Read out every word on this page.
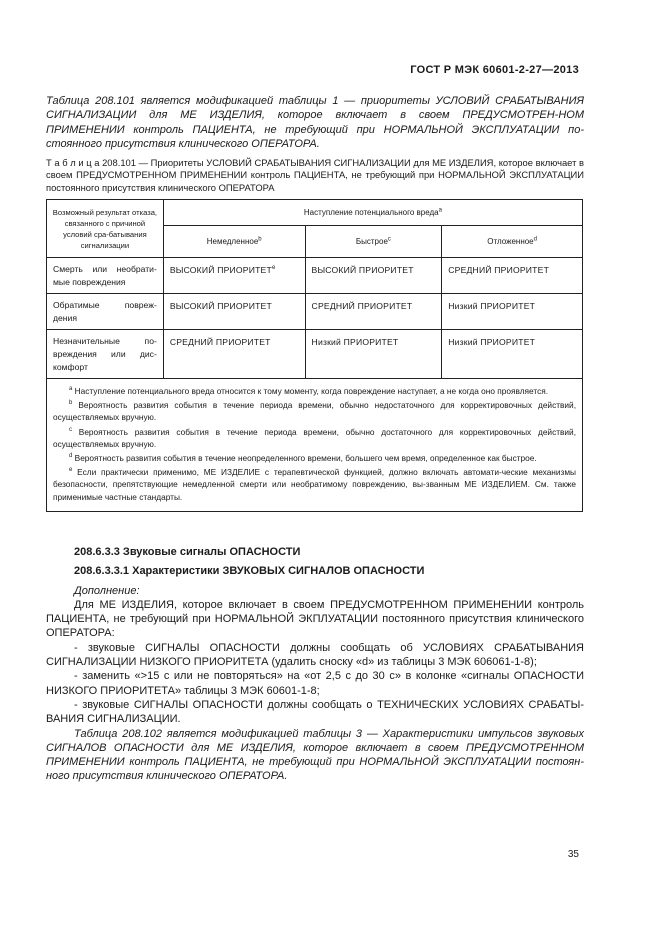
ГОСТ Р МЭК 60601-2-27—2013
Таблица 208.101 является модификацией таблицы 1 — приоритеты УСЛОВИЙ СРАБАТЫВАНИЯ СИГНАЛИЗАЦИИ для МЕ ИЗДЕЛИЯ, которое включает в своем ПРЕДУСМОТРЕН-НОМ ПРИМЕНЕНИИ контроль ПАЦИЕНТА, не требующий при НОРМАЛЬНОЙ ЭКСПЛУАТАЦИИ по-стоянного присутствия клинического ОПЕРАТОРА.
Т а б л и ц а 208.101 — Приоритеты УСЛОВИЙ СРАБАТЫВАНИЯ СИГНАЛИЗАЦИИ для МЕ ИЗДЕЛИЯ, которое включает в своем ПРЕДУСМОТРЕННОМ ПРИМЕНЕНИИ контроль ПАЦИЕНТА, не требующий при НОРМАЛЬНОЙ ЭКСПЛУАТАЦИИ постоянного присутствия клинического ОПЕРАТОРА
Возможный результат отказа, связанного с причиной условий сра-батывания сигнализации	Наступление потенциального вреда$^a$
	Немедленное$^b$	Быстрое$^c$	Отложенное$^d$
Смерть или необрати-мые повреждения	ВЫСОКИЙ ПРИОРИТЕТ$^e$	ВЫСОКИЙ ПРИОРИТЕТ	СРЕДНИЙ ПРИОРИТЕТ
Обратимые повреж-дения	ВЫСОКИЙ ПРИОРИТЕТ	СРЕДНИЙ ПРИОРИТЕТ	Низкий ПРИОРИТЕТ
Незначительные по-вреждения или дис-комфорт	СРЕДНИЙ ПРИОРИТЕТ	Низкий ПРИОРИТЕТ	Низкий ПРИОРИТЕТ

$^a$ Наступление потенциального вреда относится к тому моменту, когда повреждение наступает, а не когда оно проявляется.

$^b$ Вероятность развития события в течение периода времени, обычно недостаточного для корректировочных действий, осуществляемых вручную.

$^c$ Вероятность развития события в течение периода времени, обычно достаточного для корректировочных действий, осуществляемых вручную.

$^d$ Вероятность развития события в течение неопределенного времени, большего чем время, определенное как быстрое.

$^e$ Если практически применимо, МЕ ИЗДЕЛИЕ с терапевтической функцией, должно включать автомати-ческие механизмы безопасности, препятствующие немедленной смерти или необратимому повреждению, вы-званным МЕ ИЗДЕЛИЕМ. См. также применимые частные стандарты.			

208.6.3.3 Звуковые сигналы ОПАСНОСТИ
208.6.3.3.1 Характеристики ЗВУКОВЫХ СИГНАЛОВ ОПАСНОСТИ
Дополнение:
Для МЕ ИЗДЕЛИЯ, которое включает в своем ПРЕДУСМОТРЕННОМ ПРИМЕНЕНИИ контроль ПАЦИЕНТА, не требующий при НОРМАЛЬНОЙ ЭКПЛУАТАЦИИ постоянного присутствия клинического ОПЕРАТОРА:
- звуковые СИГНАЛЫ ОПАСНОСТИ должны сообщать об УСЛОВИЯХ СРАБАТЫВАНИЯ СИГНАЛИЗАЦИИ НИЗКОГО ПРИОРИТЕТА (удалить сноску «d» из таблицы 3 МЭК 606061-1-8);
- заменить «>15 с или не повторяться» на «от 2,5 с до 30 с» в колонке «сигналы ОПАСНОСТИ НИЗКОГО ПРИОРИТЕТА» таблицы 3 МЭК 60601-1-8;
- звуковые СИГНАЛЫ ОПАСНОСТИ должны сообщать о ТЕХНИЧЕСКИХ УСЛОВИЯХ СРАБАТЫ-ВАНИЯ СИГНАЛИЗАЦИИ.
Таблица 208.102 является модификацией таблицы 3 — Характеристики импульсов звуковых СИГНАЛОВ ОПАСНОСТИ для МЕ ИЗДЕЛИЯ, которое включает в своем ПРЕДУСМОТРЕННОМ ПРИМЕНЕНИИ контроль ПАЦИЕНТА, не требующий при НОРМАЛЬНОЙ ЭКСПЛУАТАЦИИ постоян-ного присутствия клинического ОПЕРАТОРА.
35
